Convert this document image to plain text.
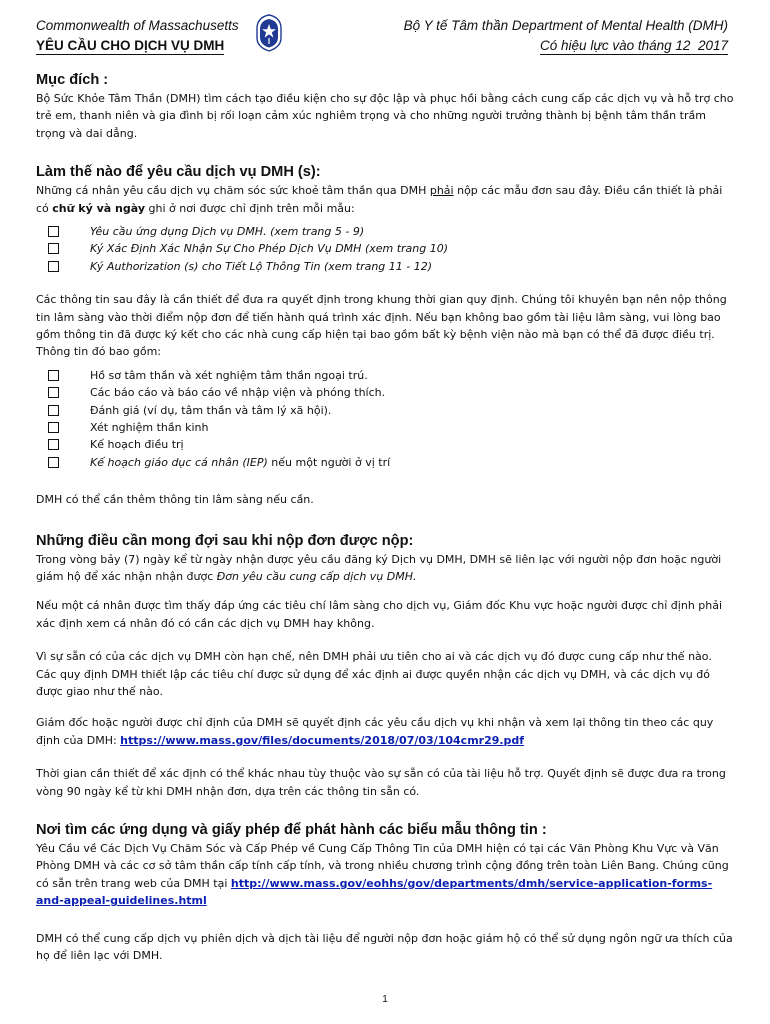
Commonwealth of Massachusetts
YÊU CẦU CHO DỊCH VỤ DMH
Bộ Y tế Tâm thần Department of Mental Health (DMH)
Có hiệu lực vào tháng 12 2017
Mục đích :

Bộ Sức Khỏe Tâm Thần (DMH) tìm cách tạo điều kiện cho sự độc lập và phục hồi bằng cách cung cấp các dịch vụ và hỗ trợ cho trẻ em, thanh niên và gia đình bị rối loạn cảm xúc nghiêm trọng và cho những người trưởng thành bị bệnh tâm thần trầm trọng và dai dẳng.

Làm thế nào để yêu cầu dịch vụ DMH (s):

Những cá nhân yêu cầu dịch vụ chăm sóc sức khoẻ tâm thần qua DMH phải nộp các mẫu đơn sau đây. Điều cần thiết là phải có chữ ký và ngày ghi ở nơi được chỉ định trên mỗi mẫu:

Yêu cầu ứng dụng Dịch vụ DMH. (xem trang 5 - 9)
Ký Xác Định Xác Nhận Sự Cho Phép Dịch Vụ DMH (xem trang 10)
Ký Authorization (s) cho Tiết Lộ Thông Tin (xem trang 11 - 12)

Các thông tin sau đây là cần thiết để đưa ra quyết định trong khung thời gian quy định. Chúng tôi khuyên bạn nên nộp thông tin lâm sàng vào thời điểm nộp đơn để tiến hành quá trình xác định. Nếu bạn không bao gồm tài liệu lâm sàng, vui lòng bao gồm thông tin đã được ký kết cho các nhà cung cấp hiện tại bao gồm bất kỳ bệnh viện nào mà bạn có thể đã được điều trị. Thông tin đó bao gồm:

Hồ sơ tâm thần và xét nghiệm tâm thần ngoại trú.
Các báo cáo và báo cáo về nhập viện và phóng thích.
Đánh giá (ví dụ, tâm thần và tâm lý xã hội).
Xét nghiệm thần kinh
Kế hoạch điều trị
Kế hoạch giáo dục cá nhân (IEP) nếu một người ở vị trí

DMH có thể cần thêm thông tin lâm sàng nếu cần.

Những điều cần mong đợi sau khi nộp đơn được nộp:

Trong vòng bảy (7) ngày kể từ ngày nhận được yêu cầu đăng ký Dịch vụ DMH, DMH sẽ liên lạc với người nộp đơn hoặc người giám hộ để xác nhận nhận được Đơn yêu cầu cung cấp dịch vụ DMH.

Nếu một cá nhân được tìm thấy đáp ứng các tiêu chí lâm sàng cho dịch vụ, Giám đốc Khu vực hoặc người được chỉ định phải xác định xem cá nhân đó có cần các dịch vụ DMH hay không.

Vì sự sẵn có của các dịch vụ DMH còn hạn chế, nên DMH phải ưu tiên cho ai và các dịch vụ đó được cung cấp như thế nào. Các quy định DMH thiết lập các tiêu chí được sử dụng để xác định ai được quyền nhận các dịch vụ DMH, và các dịch vụ đó được giao như thế nào.

Giám đốc hoặc người được chỉ định của DMH sẽ quyết định các yêu cầu dịch vụ khi nhận và xem lại thông tin theo các quy định của DMH: https://www.mass.gov/files/documents/2018/07/03/104cmr29.pdf

Thời gian cần thiết để xác định có thể khác nhau tùy thuộc vào sự sẵn có của tài liệu hỗ trợ. Quyết định sẽ được đưa ra trong vòng 90 ngày kể từ khi DMH nhận đơn, dựa trên các thông tin sẵn có.

Nơi tìm các ứng dụng và giấy phép để phát hành các biểu mẫu thông tin :

Yêu Cầu về Các Dịch Vụ Chăm Sóc và Cấp Phép về Cung Cấp Thông Tin của DMH hiện có tại các Văn Phòng Khu Vực và Văn Phòng DMH và các cơ sở tâm thần cấp tính cấp tính, và trong nhiều chương trình cộng đồng trên toàn Liên Bang. Chúng cũng có sẵn trên trang web của DMH tại http://www.mass.gov/eohhs/gov/departments/dmh/service-application-forms-and-appeal-guidelines.html

DMH có thể cung cấp dịch vụ phiên dịch và dịch tài liệu để người nộp đơn hoặc giám hộ có thể sử dụng ngôn ngữ ưa thích của họ để liên lạc với DMH.

1
